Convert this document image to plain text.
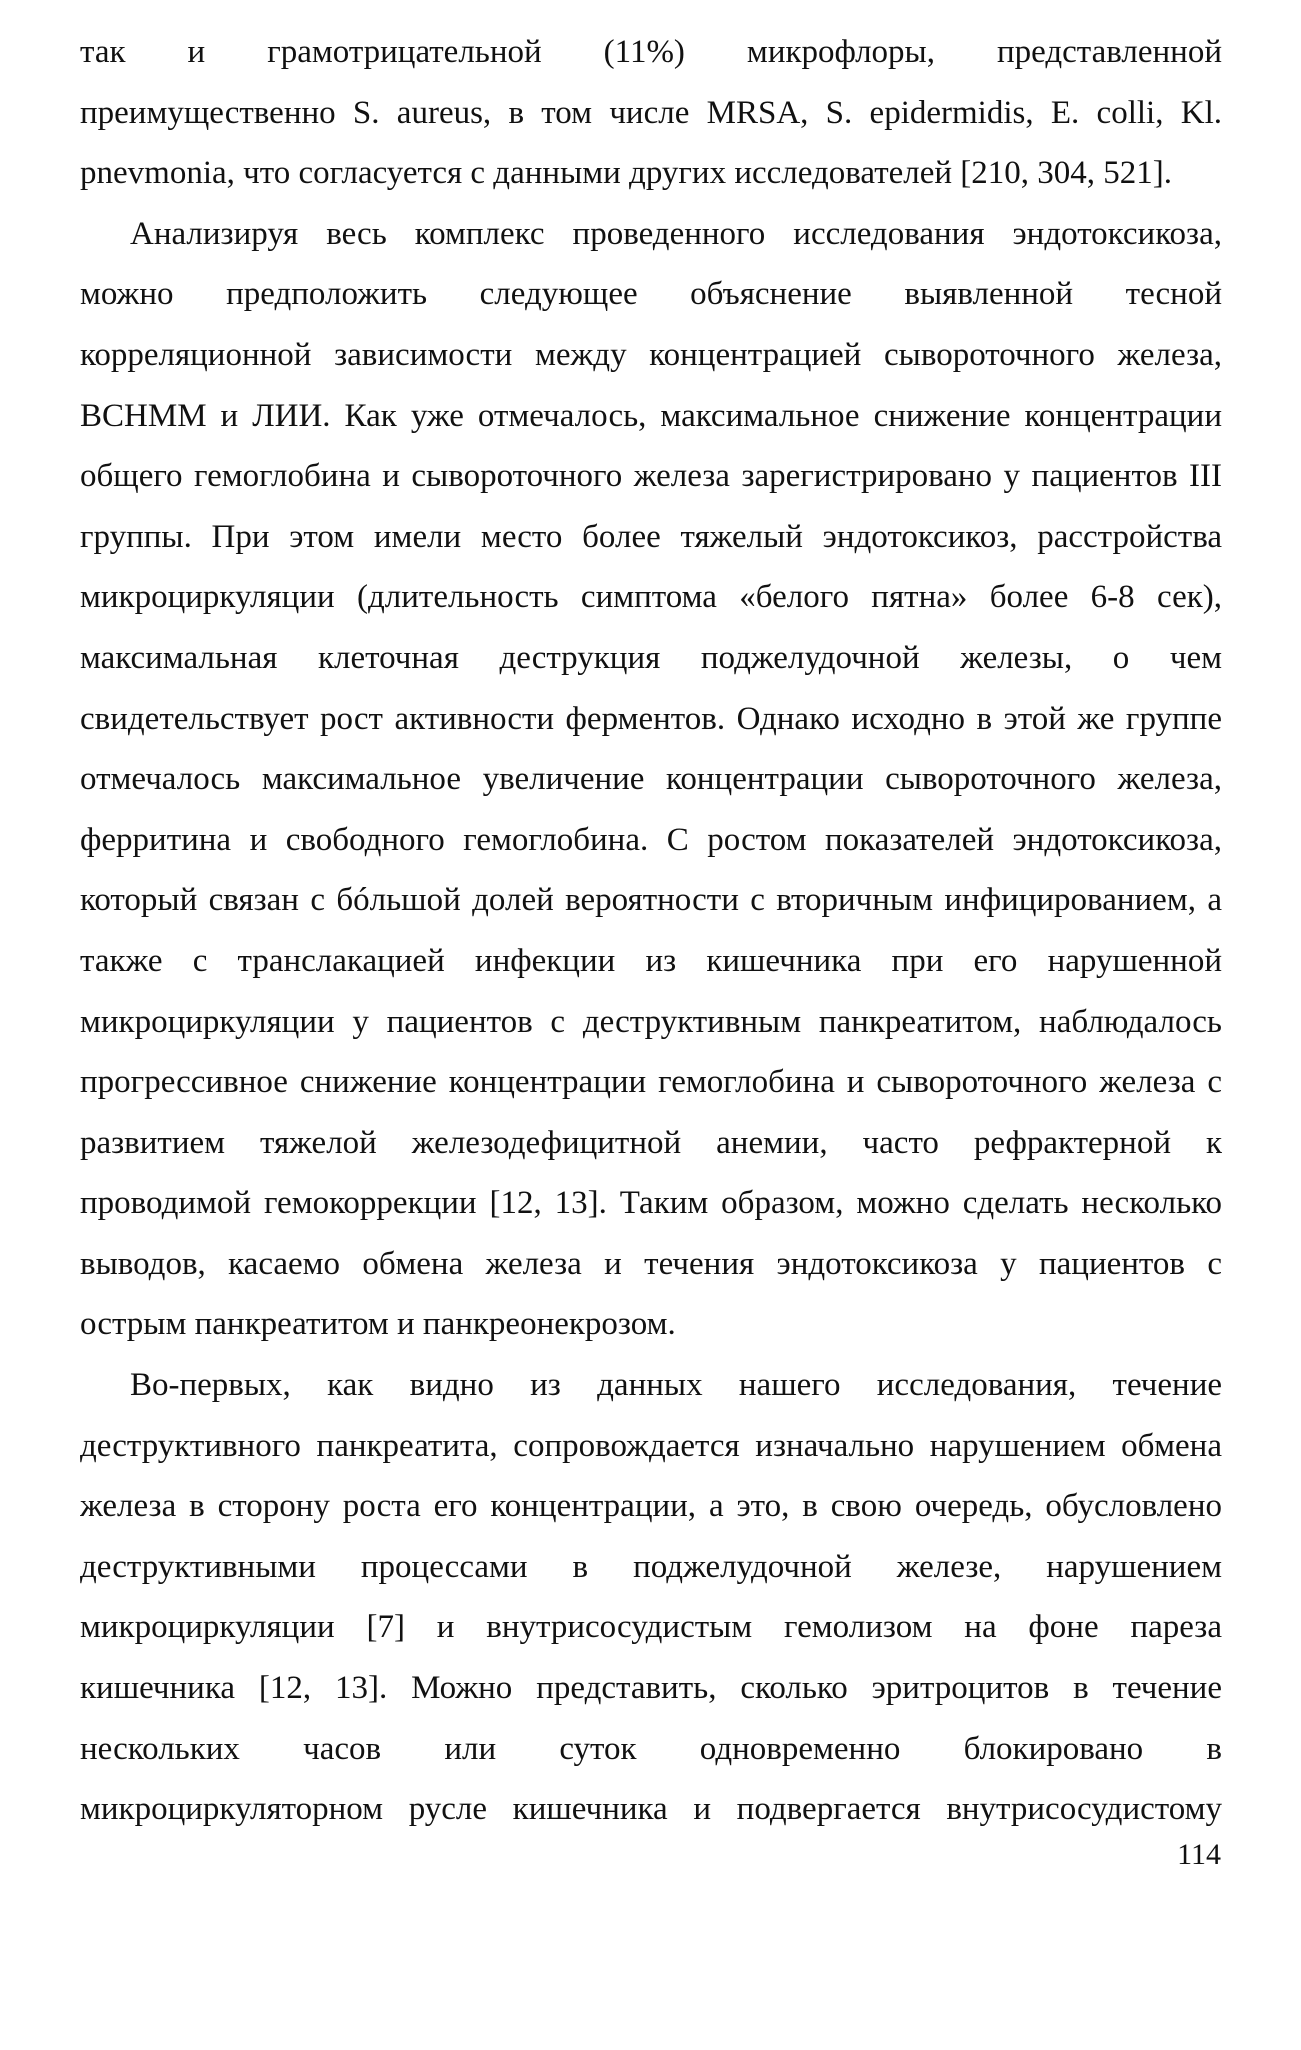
так и грамотрицательной (11%) микрофлоры, представленной
преимущественно S. aureus, в том числе MRSA, S. epidermidis, E. colli, Kl.
pnevmonia, что согласуется с данными других исследователей [210, 304, 521].
Анализируя весь комплекс проведенного исследования эндотоксикоза,
можно предположить следующее объяснение выявленной тесной
корреляционной зависимости между концентрацией сывороточного железа,
ВСНММ и ЛИИ. Как уже отмечалось, максимальное снижение концентрации
общего гемоглобина и сывороточного железа зарегистрировано у пациентов III
группы. При этом имели место более тяжелый эндотоксикоз, расстройства
микроциркуляции (длительность симптома «белого пятна» более 6-8 сек),
максимальная клеточная деструкция поджелудочной железы, о чем
свидетельствует рост активности ферментов. Однако исходно в этой же группе
отмечалось максимальное увеличение концентрации сывороточного железа,
ферритина и свободного гемоглобина. С ростом показателей эндотоксикоза,
который связан с бóльшой долей вероятности с вторичным инфицированием, а
также с транслакацией инфекции из кишечника при его нарушенной
микроциркуляции у пациентов с деструктивным панкреатитом, наблюдалось
прогрессивное снижение концентрации гемоглобина и сывороточного железа с
развитием тяжелой железодефицитной анемии, часто рефрактерной к
проводимой гемокоррекции [12, 13]. Таким образом, можно сделать несколько
выводов, касаемо обмена железа и течения эндотоксикоза у пациентов с
острым панкреатитом и панкреонекрозом.
Во-первых, как видно из данных нашего исследования, течение
деструктивного панкреатита, сопровождается изначально нарушением обмена
железа в сторону роста его концентрации, а это, в свою очередь, обусловлено
деструктивными процессами в поджелудочной железе, нарушением
микроциркуляции [7] и внутрисосудистым гемолизом на фоне пареза
кишечника [12, 13]. Можно представить, сколько эритроцитов в течение
нескольких часов или суток одновременно блокировано в
микроциркуляторном русле кишечника и подвергается внутрисосудистому
114
